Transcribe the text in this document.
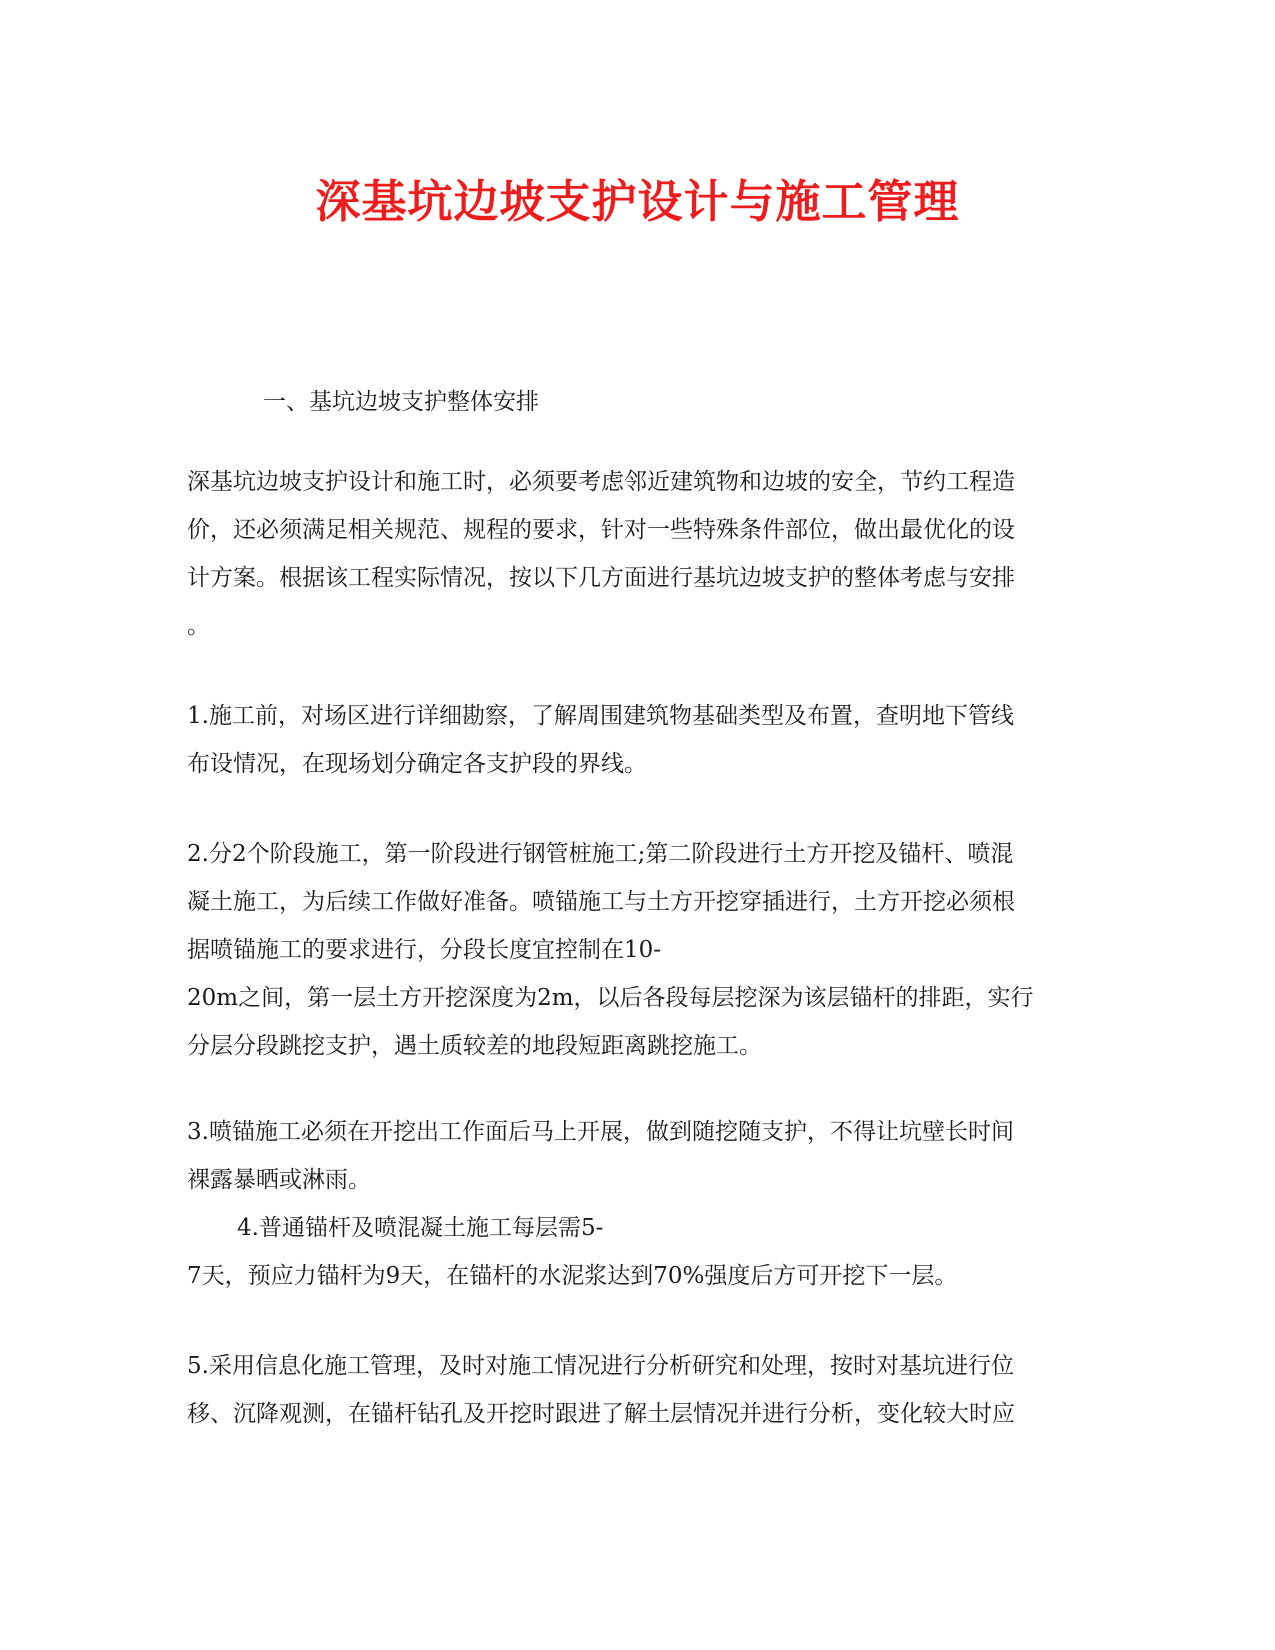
深基坑边坡支护设计与施工管理

一、基坑边坡支护整体安排

深基坑边坡支护设计和施工时，必须要考虑邻近建筑物和边坡的安全，节约工程造
价，还必须满足相关规范、规程的要求，针对一些特殊条件部位，做出最优化的设
计方案。根据该工程实际情况，按以下几方面进行基坑边坡支护的整体考虑与安排
。
1.施工前，对场区进行详细勘察，了解周围建筑物基础类型及布置，查明地下管线
布设情况，在现场划分确定各支护段的界线。
2.分2个阶段施工，第一阶段进行钢管桩施工;第二阶段进行土方开挖及锚杆、喷混
凝土施工，为后续工作做好准备。喷锚施工与土方开挖穿插进行，土方开挖必须根
据喷锚施工的要求进行，分段长度宜控制在10-
20m之间，第一层土方开挖深度为2m，以后各段每层挖深为该层锚杆的排距，实行
分层分段跳挖支护，遇土质较差的地段短距离跳挖施工。
3.喷锚施工必须在开挖出工作面后马上开展，做到随挖随支护，不得让坑壁长时间
裸露暴晒或淋雨。
4.普通锚杆及喷混凝土施工每层需5-
7天，预应力锚杆为9天，在锚杆的水泥浆达到70%强度后方可开挖下一层。
5.采用信息化施工管理，及时对施工情况进行分析研究和处理，按时对基坑进行位
移、沉降观测，在锚杆钻孔及开挖时跟进了解土层情况并进行分析，变化较大时应
